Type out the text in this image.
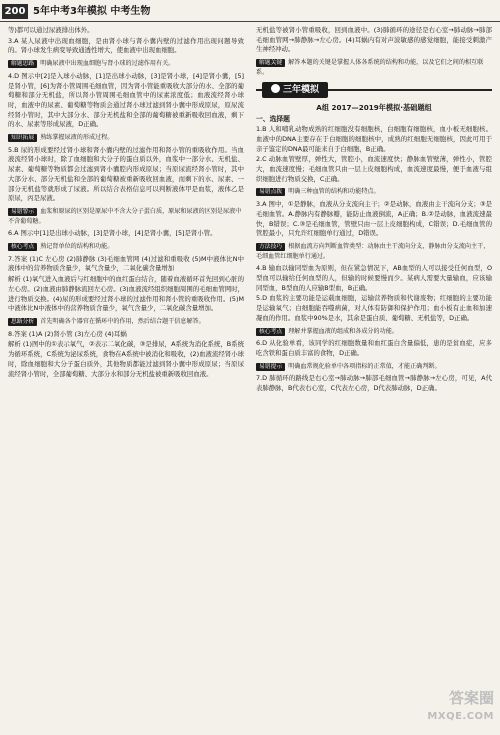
200 5年中考3年模拟 中考生物

等)都可以通过尿液排出体外。

3.A 某人尿液中出现血细胞，是由肾小球与肾小囊内壁的过滤作用出现问题导致的。肾小球发生病变导致通透性增大，使血液中出现血细胞。

解题思路 明确尿液中出现血细胞与肾小球的过滤作用有关。

4.D 图示中[2]是入球小动脉，[1]是出球小动脉，[3]是肾小球，[4]是肾小囊，[5]是肾小管，[6]为肾小管周围毛细血管，因为肾小管能重吸收大部分的水、全部的葡萄糖和部分无机盐，所以肾小管周围毛细血管中的尿素浓度低；血液流经肾小球时，血液中的尿素、葡萄糖等物质会通过肾小球过滤到肾小囊中形成原尿，原尿流经肾小管时，其中大部分水、部分无机盐和全部的葡萄糖被重新吸收回血液，剩下的水、尿素等形成尿液，D正确。

知识拓展 熟练掌握尿液的形成过程。

5.B 尿的形成要经过肾小球和肾小囊内壁的过滤作用和肾小管的重吸收作用。当血液流经肾小球时，除了血细胞和大分子的蛋白质以外，血浆中一部分水、无机盐、尿素、葡萄糖等物质都会过滤到肾小囊腔内形成原尿；当原尿流经肾小管时，其中大部分水、部分无机盐和全部的葡萄糖被重新吸收回血液，而剩下的水、尿素、一部分无机盐等就形成了尿液。所以结合表格信息可以判断液体甲是血浆，液体乙是原尿，丙是尿液。

易错警示 血浆和原尿的区别是原尿中不含大分子蛋白质，原尿和尿液的区别是尿液中不含葡萄糖。

6.A 图示中[1]是出球小动脉，[3]是肾小球，[4]是肾小囊，[5]是肾小管。

核心考点 熟记肾单位的结构和功能。

7.答案 (1)C 左心房 (2)肺静脉 (3)毛细血管网 (4)过滤和重吸收 (5)M中液体比N中液体中的营养物质含量少，氧气含量少，二氧化碳含量增加

解析 (1)氧气进入血液后与红细胞中的血红蛋白结合，随着血液循环首先回到心脏的左心房。(2)血液由肺静脉流回左心房。(3)血液流经组织细胞周围的毛细血管网时，进行物质交换。(4)尿的形成要经过肾小球的过滤作用和肾小管的重吸收作用。(5)M中液体比N中液体中的营养物质含量少，氧气含量少，二氧化碳含量增加。

思路分析 首先明确各个器官在循环中的作用，然后结合题干信息解答。

8.答案 (1)A (2)肾小管 (3)左心房 (4)耳蜗

解析 (1)图中的①表示氧气，②表示二氧化碳，③是排尿，A系统为消化系统，B系统为循环系统，C系统为泌尿系统，食物在A系统中被消化和吸收，(2)血液流经肾小球时，除血细胞和大分子蛋白质外，其他物质都能过滤到肾小囊中形成原尿；当原尿流经肾小管时，全部葡萄糖、大部分水和部分无机盐被重新吸收回血液。

无机盐等被肾小管重吸收，回到血液中。(3)肺循环的途径是右心室→肺动脉→肺部毛细血管网→肺静脉→左心房。(4)耳蜗内有对声波敏感的感觉细胞，能接受刺激产生神经冲动。

解题关键 解答本题的关键是掌握人体各系统的结构和功能，以及它们之间的相互联系。
三年模拟
A组 2017—2019年模拟·基础题组
一、选择题

1.B 人和哺乳动物成熟的红细胞没有细胞核，白细胞有细胞核，血小板无细胞核。血液中的DNA主要存在于白细胞的细胞核中，成熟的红细胞无细胞核，因此可用于亲子鉴定的DNA最可能来自于白细胞，B正确。

2.C 动脉血管壁厚，弹性大，管腔小，血流速度快；静脉血管壁薄，弹性小，管腔大，血流速度慢；毛细血管只由一层上皮细胞构成，血流速度最慢，便于血液与组织细胞进行物质交换，C正确。

易错点拨 明确三种血管的结构和功能特点。

3.A 图中，①是静脉，血液从分支流向主干；②是动脉，血液由主干流向分支；③是毛细血管。A.静脉内有静脉瓣，能防止血液倒流，A正确；B.②是动脉，血液流速最快，B错误；C.③是毛细血管，管壁只由一层上皮细胞构成，C错误；D.毛细血管的管腔最小，只允许红细胞单行通过，D错误。

方法技巧 根据血流方向判断血管类型：动脉由主干流向分支，静脉由分支流向主干，毛细血管红细胞单行通过。

4.B 输血以输同型血为原则，但在紧急情况下，AB血型的人可以接受任何血型，O型血可以输给任何血型的人，但输的时候要慢而少。某病人需要大量输血，应该输同型血，B型血的人应输B型血，B正确。

5.D 血浆的主要功能是运载血细胞，运输营养物质和代谢废物；红细胞的主要功能是运输氧气；白细胞能吞噬病菌，对人体有防御和保护作用；血小板有止血和加速凝血的作用。血浆中90%是水，其余是蛋白质、葡萄糖、无机盐等，D正确。

核心考点 理解并掌握血液的组成和各成分的功能。

6.D 从化验单看，该同学的红细胞数量和血红蛋白含量偏低，患的是贫血症，应多吃含铁和蛋白质丰富的食物，D正确。

易错提示 明确血常规化验单中各项指标的正常值，才能正确判断。

7.D 肺循环的路线是右心室→肺动脉→肺部毛细血管→肺静脉→左心房，可见，A代表肺静脉，B代表右心室，C代表左心房，D代表肺动脉，D正确。

答案圈
MXQE.COM
